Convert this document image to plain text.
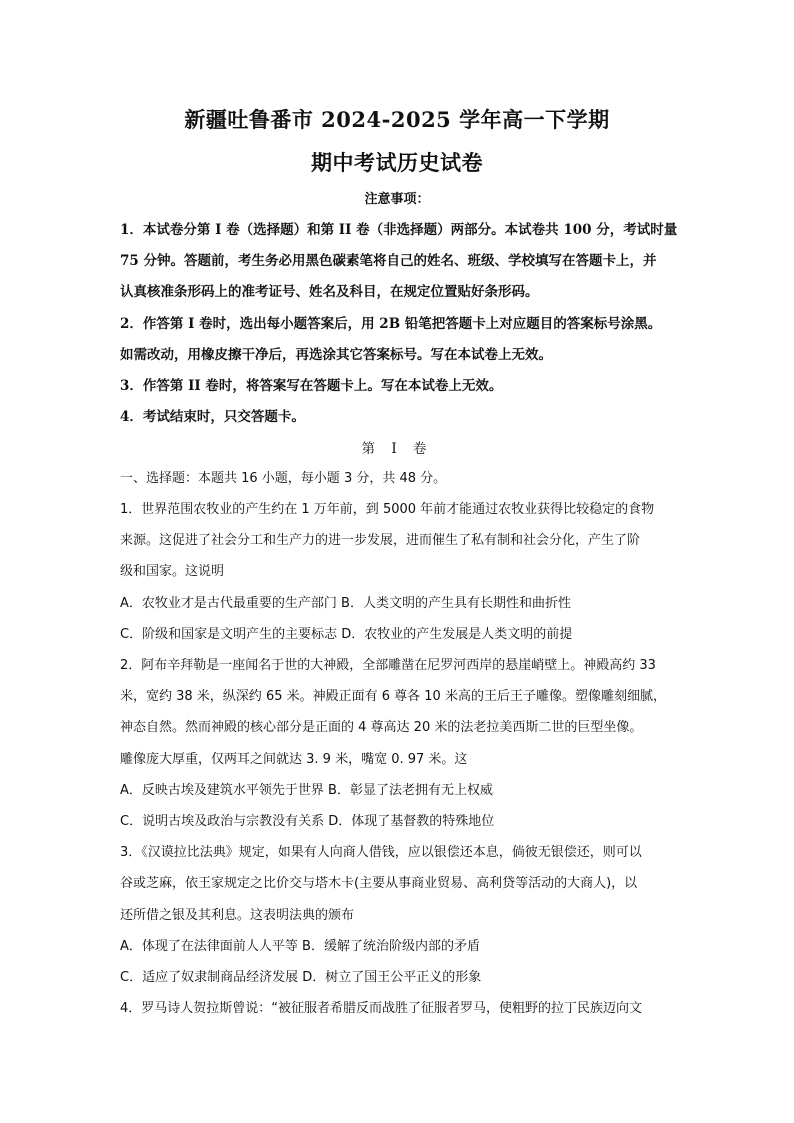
新疆吐鲁番市 2024-2025 学年高一下学期
期中考试历史试卷
注意事项：
1．本试卷分第 I 卷（选择题）和第 II 卷（非选择题）两部分。本试卷共 100 分，考试时量
75 分钟。答题前，考生务必用黑色碳素笔将自己的姓名、班级、学校填写在答题卡上，并
认真核准条形码上的准考证号、姓名及科目，在规定位置贴好条形码。
2．作答第 I 卷时，选出每小题答案后，用 2B 铅笔把答题卡上对应题目的答案标号涂黑。
如需改动，用橡皮擦干净后，再选涂其它答案标号。写在本试卷上无效。
3．作答第 II 卷时，将答案写在答题卡上。写在本试卷上无效。
4．考试结束时，只交答题卡。
第 I 卷
一、选择题：本题共 16 小题，每小题 3 分，共 48 分。
1．世界范围农牧业的产生约在 1 万年前，到 5000 年前才能通过农牧业获得比较稳定的食物
来源。这促进了社会分工和生产力的进一步发展，进而催生了私有制和社会分化，产生了阶
级和国家。这说明
A．农牧业才是古代最重要的生产部门 B．人类文明的产生具有长期性和曲折性
C．阶级和国家是文明产生的主要标志 D．农牧业的产生发展是人类文明的前提
2．阿布辛拜勒是一座闻名于世的大神殿，全部雕凿在尼罗河西岸的悬崖峭壁上。神殿高约 33
米，宽约 38 米，纵深约 65 米。神殿正面有 6 尊各 10 米高的王后王子雕像。塑像雕刻细腻，
神态自然。然而神殿的核心部分是正面的 4 尊高达 20 米的法老拉美西斯二世的巨型坐像。
雕像庞大厚重，仅两耳之间就达 3. 9 米，嘴宽 0. 97 米。这
A．反映古埃及建筑水平领先于世界 B．彰显了法老拥有无上权威
C．说明古埃及政治与宗教没有关系 D．体现了基督教的特殊地位
3．《汉谟拉比法典》规定，如果有人向商人借钱，应以银偿还本息，倘彼无银偿还，则可以
谷或芝麻，依王家规定之比价交与塔木卡(主要从事商业贸易、高利贷等活动的大商人)，以
还所借之银及其利息。这表明法典的颁布
A．体现了在法律面前人人平等 B．缓解了统治阶级内部的矛盾
C．适应了奴隶制商品经济发展 D．树立了国王公平正义的形象
4．罗马诗人贺拉斯曾说：“被征服者希腊反而战胜了征服者罗马，使粗野的拉丁民族迈向文
